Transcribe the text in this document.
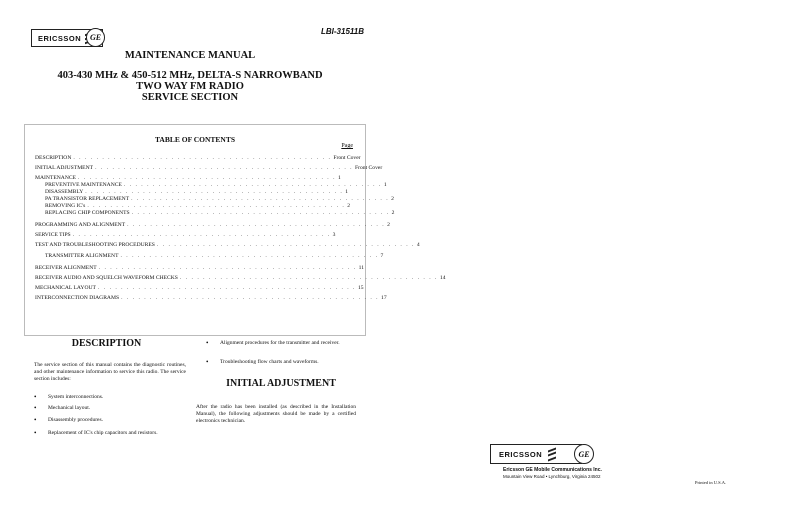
ERICSSON GE
LBI-31511B
MAINTENANCE MANUAL
403-430 MHz & 450-512 MHz, DELTA-S NARROWBAND
TWO WAY FM RADIO
SERVICE SECTION
TABLE OF CONTENTS
Page
DESCRIPTION . . . . . . . . . . . . . . . . . . . . . . . . . . . . . . . . . . . . . . . . . . . . . Front Cover
INITIAL ADJUSTMENT . . . . . . . . . . . . . . . . . . . . . . . . . . . . . . . . . . . . . . . . . . . . . Front Cover
MAINTENANCE . . . . . . . . . . . . . . . . . . . . . . . . . . . . . . . . . . . . . . . . . . . . . 1
PREVENTIVE MAINTENANCE . . . . . . . . . . . . . . . . . . . . . . . . . . . . . . . . . . . . . . . . . . . . . 1
DISASSEMBLY . . . . . . . . . . . . . . . . . . . . . . . . . . . . . . . . . . . . . . . . . . . . . 1
PA TRANSISTOR REPLACEMENT . . . . . . . . . . . . . . . . . . . . . . . . . . . . . . . . . . . . . . . . . . . . . 2
REMOVING IC's . . . . . . . . . . . . . . . . . . . . . . . . . . . . . . . . . . . . . . . . . . . . . 2
REPLACING CHIP COMPONENTS . . . . . . . . . . . . . . . . . . . . . . . . . . . . . . . . . . . . . . . . . . . . . 2
PROGRAMMING AND ALIGNMENT . . . . . . . . . . . . . . . . . . . . . . . . . . . . . . . . . . . . . . . . . . . . . 2
SERVICE TIPS . . . . . . . . . . . . . . . . . . . . . . . . . . . . . . . . . . . . . . . . . . . . . 3
TEST AND TROUBLESHOOTING PROCEDURES . . . . . . . . . . . . . . . . . . . . . . . . . . . . . . . . . . . . . . . . . . . . . 4
TRANSMITTER ALIGNMENT . . . . . . . . . . . . . . . . . . . . . . . . . . . . . . . . . . . . . . . . . . . . . 7
RECEIVER ALIGNMENT . . . . . . . . . . . . . . . . . . . . . . . . . . . . . . . . . . . . . . . . . . . . . 11
RECEIVER AUDIO AND SQUELCH WAVEFORM CHECKS . . . . . . . . . . . . . . . . . . . . . . . . . . . . . . . . . . . . . . . . . . . . . 14
MECHANICAL LAYOUT . . . . . . . . . . . . . . . . . . . . . . . . . . . . . . . . . . . . . . . . . . . . . 15
INTERCONNECTION DIAGRAMS . . . . . . . . . . . . . . . . . . . . . . . . . . . . . . . . . . . . . . . . . . . . . 17
DESCRIPTION
The service section of this manual contains the diagnostic routines, and other maintenance information to service this radio. The service section includes:
•	System interconnections.
•	Mechanical layout.
•	Disassembly procedures.
•	Replacement of IC's chip capacitors and resistors.
•	Alignment procedures for the transmitter and receiver.
•	Troubleshooting flow charts and waveforms.
INITIAL ADJUSTMENT
After the radio has been installed (as described in the Installation Manual), the following adjustments should be made by a certified electronics technician.
ERICSSON	GE
Ericsson GE Mobile Communications Inc.
Mountain View Road • Lynchburg, Virginia 24502
Printed in U.S.A.
